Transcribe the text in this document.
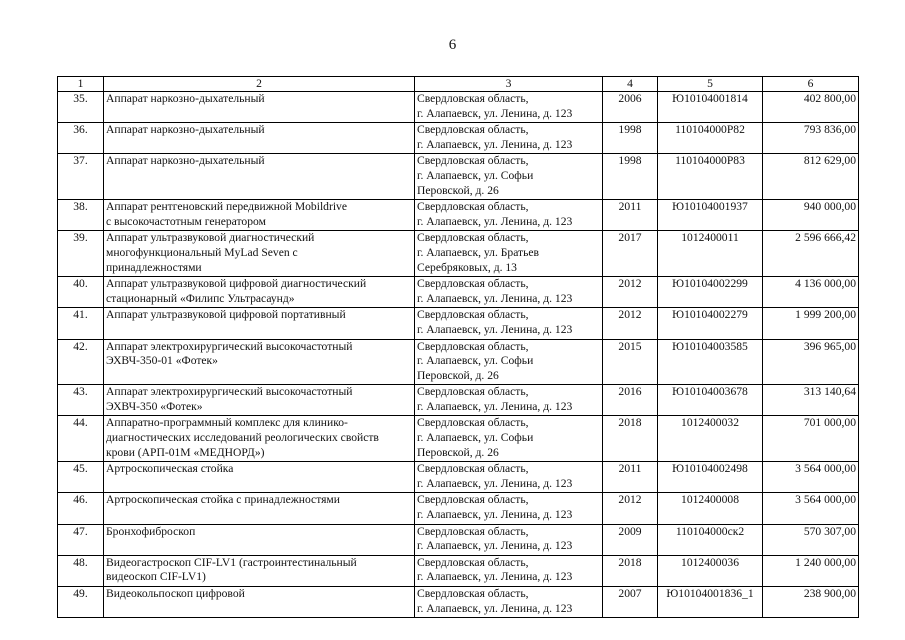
6
1	2	3	4	5	6
35.	Аппарат наркозно-дыхательный	Свердловская область,
г. Алапаевск, ул. Ленина, д. 123	2006	Ю10104001814	402 800,00
36.	Аппарат наркозно-дыхательный	Свердловская область,
г. Алапаевск, ул. Ленина, д. 123	1998	110104000Р82	793 836,00
37.	Аппарат наркозно-дыхательный	Свердловская область,
г. Алапаевск, ул. Софьи
Перовской, д. 26	1998	110104000Р83	812 629,00
38.	Аппарат рентгеновский передвижной Mobildrive
с высокочастотным генератором	Свердловская область,
г. Алапаевск, ул. Ленина, д. 123	2011	Ю10104001937	940 000,00
39.	Аппарат ультразвуковой диагностический
многофункциональный MyLad Seven с
принадлежностями	Свердловская область,
г. Алапаевск, ул. Братьев
Серебряковых, д. 13	2017	1012400011	2 596 666,42
40.	Аппарат ультразвуковой цифровой диагностический
стационарный «Филипс Ультрасаунд»	Свердловская область,
г. Алапаевск, ул. Ленина, д. 123	2012	Ю10104002299	4 136 000,00
41.	Аппарат ультразвуковой цифровой портативный	Свердловская область,
г. Алапаевск, ул. Ленина, д. 123	2012	Ю10104002279	1 999 200,00
42.	Аппарат электрохирургический высокочастотный
ЭХВЧ-350-01 «Фотек»	Свердловская область,
г. Алапаевск, ул. Софьи
Перовской, д. 26	2015	Ю10104003585	396 965,00
43.	Аппарат электрохирургический высокочастотный
ЭХВЧ-350 «Фотек»	Свердловская область,
г. Алапаевск, ул. Ленина, д. 123	2016	Ю10104003678	313 140,64
44.	Аппаратно-программный комплекс для клинико-
диагностических исследований реологических свойств
крови (АРП-01М «МЕДНОРД»)	Свердловская область,
г. Алапаевск, ул. Софьи
Перовской, д. 26	2018	1012400032	701 000,00
45.	Артроскопическая стойка	Свердловская область,
г. Алапаевск, ул. Ленина, д. 123	2011	Ю10104002498	3 564 000,00
46.	Артроскопическая стойка с принадлежностями	Свердловская область,
г. Алапаевск, ул. Ленина, д. 123	2012	1012400008	3 564 000,00
47.	Бронхофиброскоп	Свердловская область,
г. Алапаевск, ул. Ленина, д. 123	2009	110104000ск2	570 307,00
48.	Видеогастроскоп CIF-LV1 (гастроинтестинальный
видеоскоп CIF-LV1)	Свердловская область,
г. Алапаевск, ул. Ленина, д. 123	2018	1012400036	1 240 000,00
49.	Видеокольпоскоп цифровой	Свердловская область,
г. Алапаевск, ул. Ленина, д. 123	2007	Ю10104001836_1	238 900,00
